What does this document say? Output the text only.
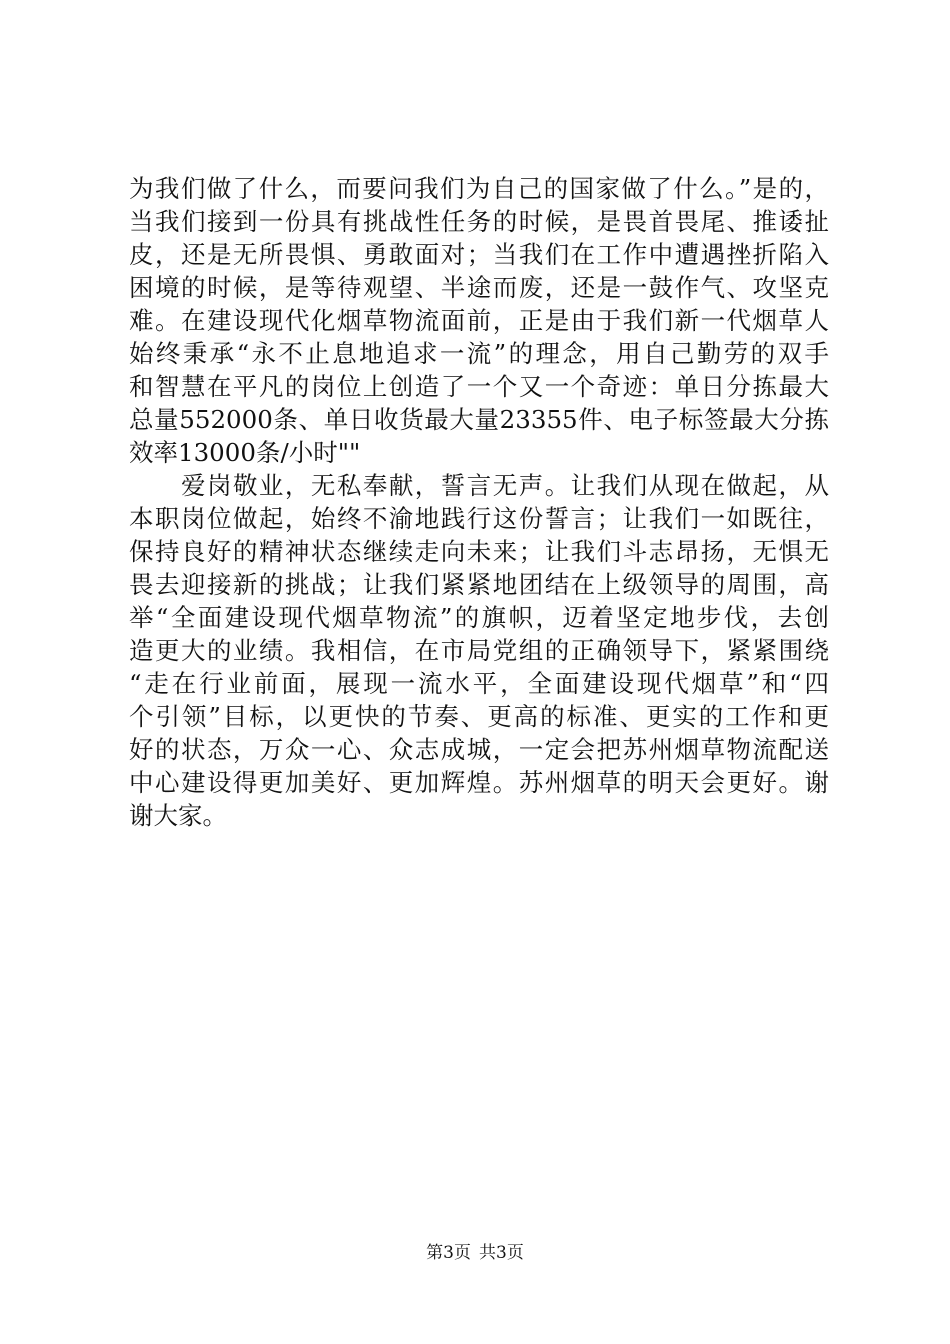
为我们做了什么，而要问我们为自己的国家做了什么。”是的，
当我们接到一份具有挑战性任务的时候，是畏首畏尾、推诿扯
皮，还是无所畏惧、勇敢面对；当我们在工作中遭遇挫折陷入
困境的时候，是等待观望、半途而废，还是一鼓作气、攻坚克
难。在建设现代化烟草物流面前，正是由于我们新一代烟草人
始终秉承“永不止息地追求一流”的理念，用自己勤劳的双手
和智慧在平凡的岗位上创造了一个又一个奇迹：单日分拣最大
总量552000条、单日收货最大量23355件、电子标签最大分拣
效率13000条/小时""
爱岗敬业，无私奉献，誓言无声。让我们从现在做起，从
本职岗位做起，始终不渝地践行这份誓言；让我们一如既往，
保持良好的精神状态继续走向未来；让我们斗志昂扬，无惧无
畏去迎接新的挑战；让我们紧紧地团结在上级领导的周围，高
举“全面建设现代烟草物流”的旗帜，迈着坚定地步伐，去创
造更大的业绩。我相信，在市局党组的正确领导下，紧紧围绕
“走在行业前面，展现一流水平，全面建设现代烟草”和“四
个引领”目标，以更快的节奏、更高的标准、更实的工作和更
好的状态，万众一心、众志成城，一定会把苏州烟草物流配送
中心建设得更加美好、更加辉煌。苏州烟草的明天会更好。谢
谢大家。
第3页 共3页
